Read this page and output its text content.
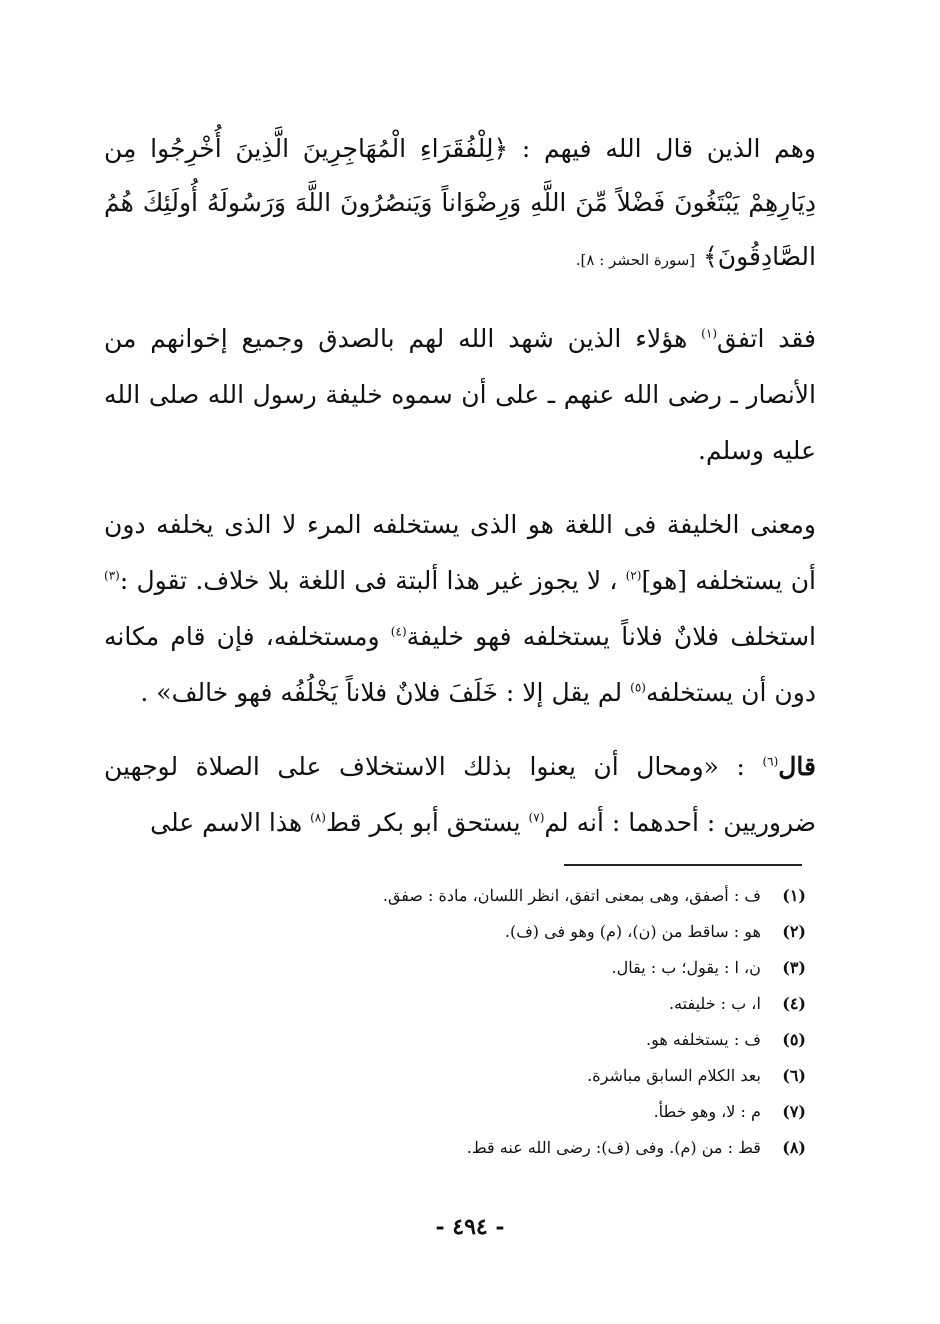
وهم الذين قال الله فيهم : ﴿لِلْفُقَرَاءِ الْمُهَاجِرِينَ الَّذِينَ أُخْرِجُوا مِن دِيَارِهِمْ يَبْتَغُونَ فَضْلاً مِّنَ اللَّهِ وَرِضْوَاناً وَيَنصُرُونَ اللَّهَ وَرَسُولَهُ أُولَئِكَ هُمُ الصَّادِقُونَ﴾ [سورة الحشر : ٨].

فقد اتفق$^{(١)}$ هؤلاء الذين شهد الله لهم بالصدق وجميع إخوانهم من الأنصار ـ رضى الله عنهم ـ على أن سموه خليفة رسول الله صلى الله عليه وسلم.

ومعنى الخليفة فى اللغة هو الذى يستخلفه المرء لا الذى يخلفه دون أن يستخلفه [هو]$^{(٢)}$ ، لا يجوز غير هذا ألبتة فى اللغة بلا خلاف. تقول :$^{(٣)}$ استخلف فلانٌ فلاناً يستخلفه فهو خليفة$^{(٤)}$ ومستخلفه، فإن قام مكانه دون أن يستخلفه$^{(٥)}$ لم يقل إلا : خَلَفَ فلانٌ فلاناً يَخْلُفُه فهو خالف» .

قال$^{(٦)}$ : «ومحال أن يعنوا بذلك الاستخلاف على الصلاة لوجهين ضروريين : أحدهما : أنه لم$^{(٧)}$ يستحق أبو بكر قط$^{(٨)}$ هذا الاسم على

(١) ف : أصفق، وهى بمعنى اتفق، انظر اللسان، مادة : صفق.
(٢) هو : ساقط من (ن)، (م) وهو فى (ف).
(٣) ن، ا : يقول؛ ب : يقال.
(٤) ا، ب : خليفته.
(٥) ف : يستخلفه هو.
(٦) بعد الكلام السابق مباشرة.
(٧) م : لا، وهو خطأ.
(٨) قط : من (م). وفى (ف): رضى الله عنه قط.
- ٤٩٤ -
